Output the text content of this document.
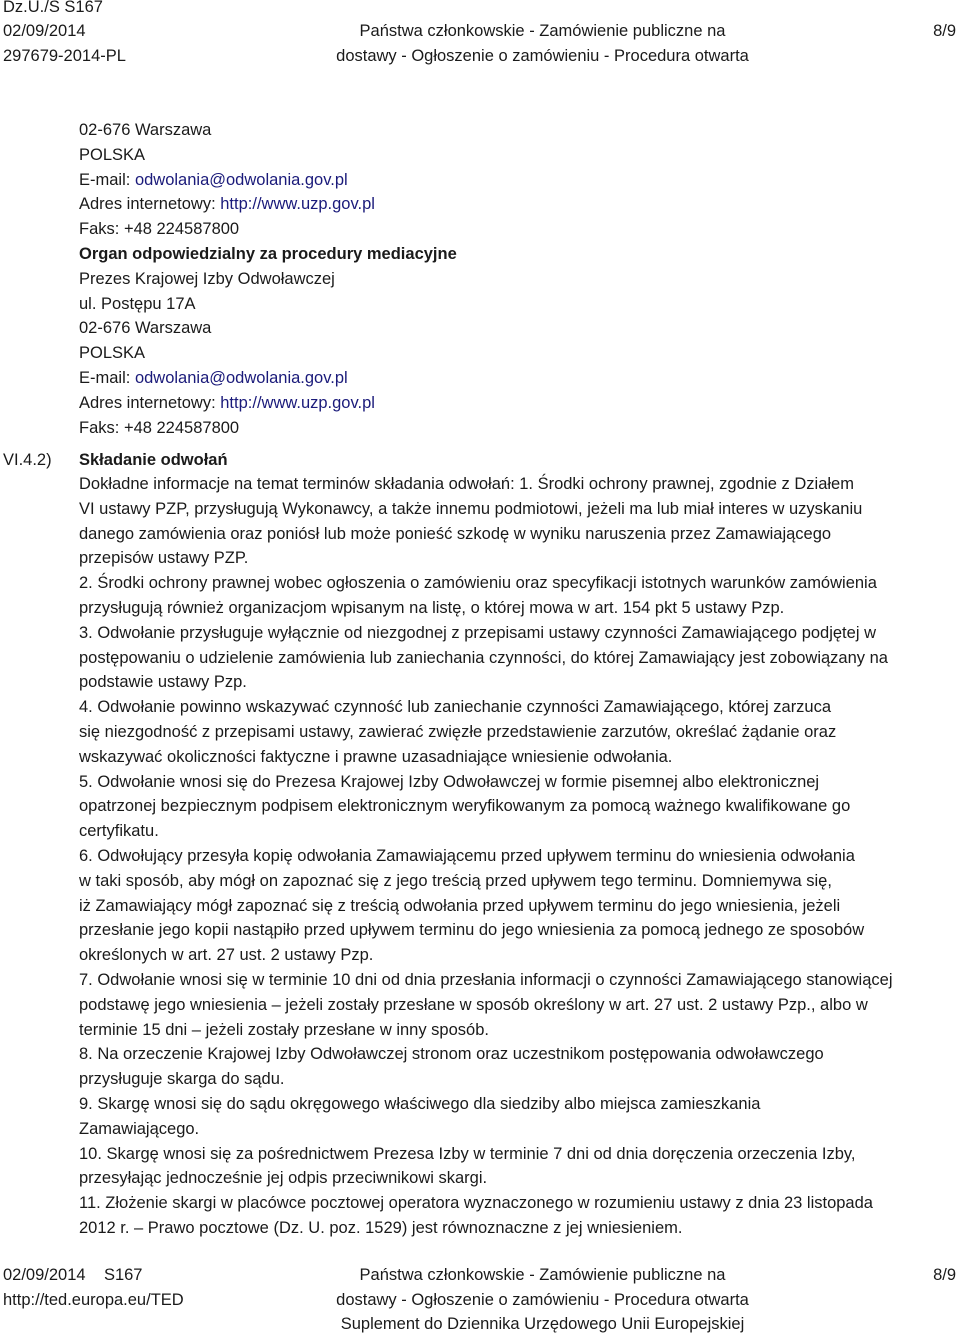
Dz.U./S S167
02/09/2014
297679-2014-PL
Państwa członkowskie - Zamówienie publiczne na
dostawy - Ogłoszenie o zamówieniu - Procedura otwarta
8/9
02-676 Warszawa
POLSKA
E-mail: odwolania@odwolania.gov.pl
Adres internetowy: http://www.uzp.gov.pl
Faks: +48 224587800
Organ odpowiedzialny za procedury mediacyjne
Prezes Krajowej Izby Odwoławczej
ul. Postępu 17A
02-676 Warszawa
POLSKA
E-mail: odwolania@odwolania.gov.pl
Adres internetowy: http://www.uzp.gov.pl
Faks: +48 224587800
VI.4.2) Składanie odwołań
Dokładne informacje na temat terminów składania odwołań: 1. Środki ochrony prawnej, zgodnie z Działem
VI ustawy PZP, przysługują Wykonawcy, a także innemu podmiotowi, jeżeli ma lub miał interes w uzyskaniu
danego zamówienia oraz poniósł lub może ponieść szkodę w wyniku naruszenia przez Zamawiającego
przepisów ustawy PZP.
2. Środki ochrony prawnej wobec ogłoszenia o zamówieniu oraz specyfikacji istotnych warunków zamówienia
przysługują również organizacjom wpisanym na listę, o której mowa w art. 154 pkt 5 ustawy Pzp.
3. Odwołanie przysługuje wyłącznie od niezgodnej z przepisami ustawy czynności Zamawiającego podjętej w
postępowaniu o udzielenie zamówienia lub zaniechania czynności, do której Zamawiający jest zobowiązany na
podstawie ustawy Pzp.
4. Odwołanie powinno wskazywać czynność lub zaniechanie czynności Zamawiającego, której zarzuca
się niezgodność z przepisami ustawy, zawierać zwięzłe przedstawienie zarzutów, określać żądanie oraz
wskazywać okoliczności faktyczne i prawne uzasadniające wniesienie odwołania.
5. Odwołanie wnosi się do Prezesa Krajowej Izby Odwoławczej w formie pisemnej albo elektronicznej
opatrzonej bezpiecznym podpisem elektronicznym weryfikowanym za pomocą ważnego kwalifikowane go
certyfikatu.
6. Odwołujący przesyła kopię odwołania Zamawiającemu przed upływem terminu do wniesienia odwołania
w taki sposób, aby mógł on zapoznać się z jego treścią przed upływem tego terminu. Domniemywa się,
iż Zamawiający mógł zapoznać się z treścią odwołania przed upływem terminu do jego wniesienia, jeżeli
przesłanie jego kopii nastąpiło przed upływem terminu do jego wniesienia za pomocą jednego ze sposobów
określonych w art. 27 ust. 2 ustawy Pzp.
7. Odwołanie wnosi się w terminie 10 dni od dnia przesłania informacji o czynności Zamawiającego stanowiącej
podstawę jego wniesienia – jeżeli zostały przesłane w sposób określony w art. 27 ust. 2 ustawy Pzp., albo w
terminie 15 dni – jeżeli zostały przesłane w inny sposób.
8. Na orzeczenie Krajowej Izby Odwoławczej stronom oraz uczestnikom postępowania odwoławczego
przysługuje skarga do sądu.
9. Skargę wnosi się do sądu okręgowego właściwego dla siedziby albo miejsca zamieszkania
Zamawiającego.
10. Skargę wnosi się za pośrednictwem Prezesa Izby w terminie 7 dni od dnia doręczenia orzeczenia Izby,
przesyłając jednocześnie jej odpis przeciwnikowi skargi.
11. Złożenie skargi w placówce pocztowej operatora wyznaczonego w rozumieniu ustawy z dnia 23 listopada
2012 r. – Prawo pocztowe (Dz. U. poz. 1529) jest równoznaczne z jej wniesieniem.
02/09/2014 S167
http://ted.europa.eu/TED
Państwa członkowskie - Zamówienie publiczne na
dostawy - Ogłoszenie o zamówieniu - Procedura otwarta
Suplement do Dziennika Urzędowego Unii Europejskiej
8/9
